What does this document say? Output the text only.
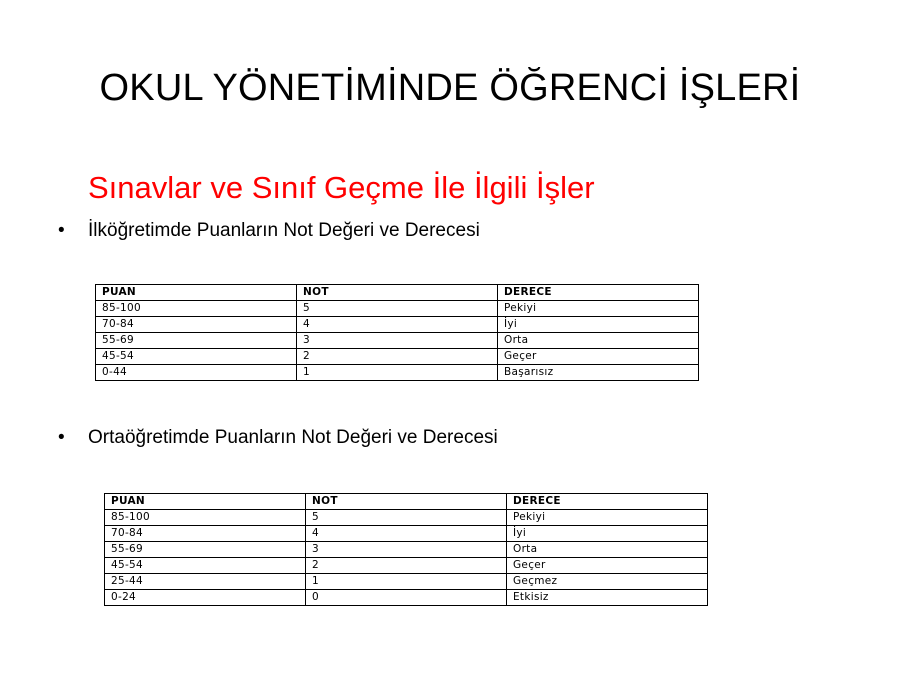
OKUL YÖNETİMİNDE ÖĞRENCİ İŞLERİ
Sınavlar ve Sınıf Geçme İle İlgili İşler
•	Ortaöğretimde Puanların Not Değeri ve Derecesi
•	İlköğretimde Puanların Not Değeri ve Derecesi
PUAN	NOT	DERECE
85-100	5	Pekiyi
70-84	4	İyi
55-69	3	Orta
45-54	2	Geçer
0-44	1	Başarısız
PUAN	NOT	DERECE
85-100	5	Pekiyi
70-84	4	İyi
55-69	3	Orta
45-54	2	Geçer
25-44	1	Geçmez
0-24	0	Etkisiz
